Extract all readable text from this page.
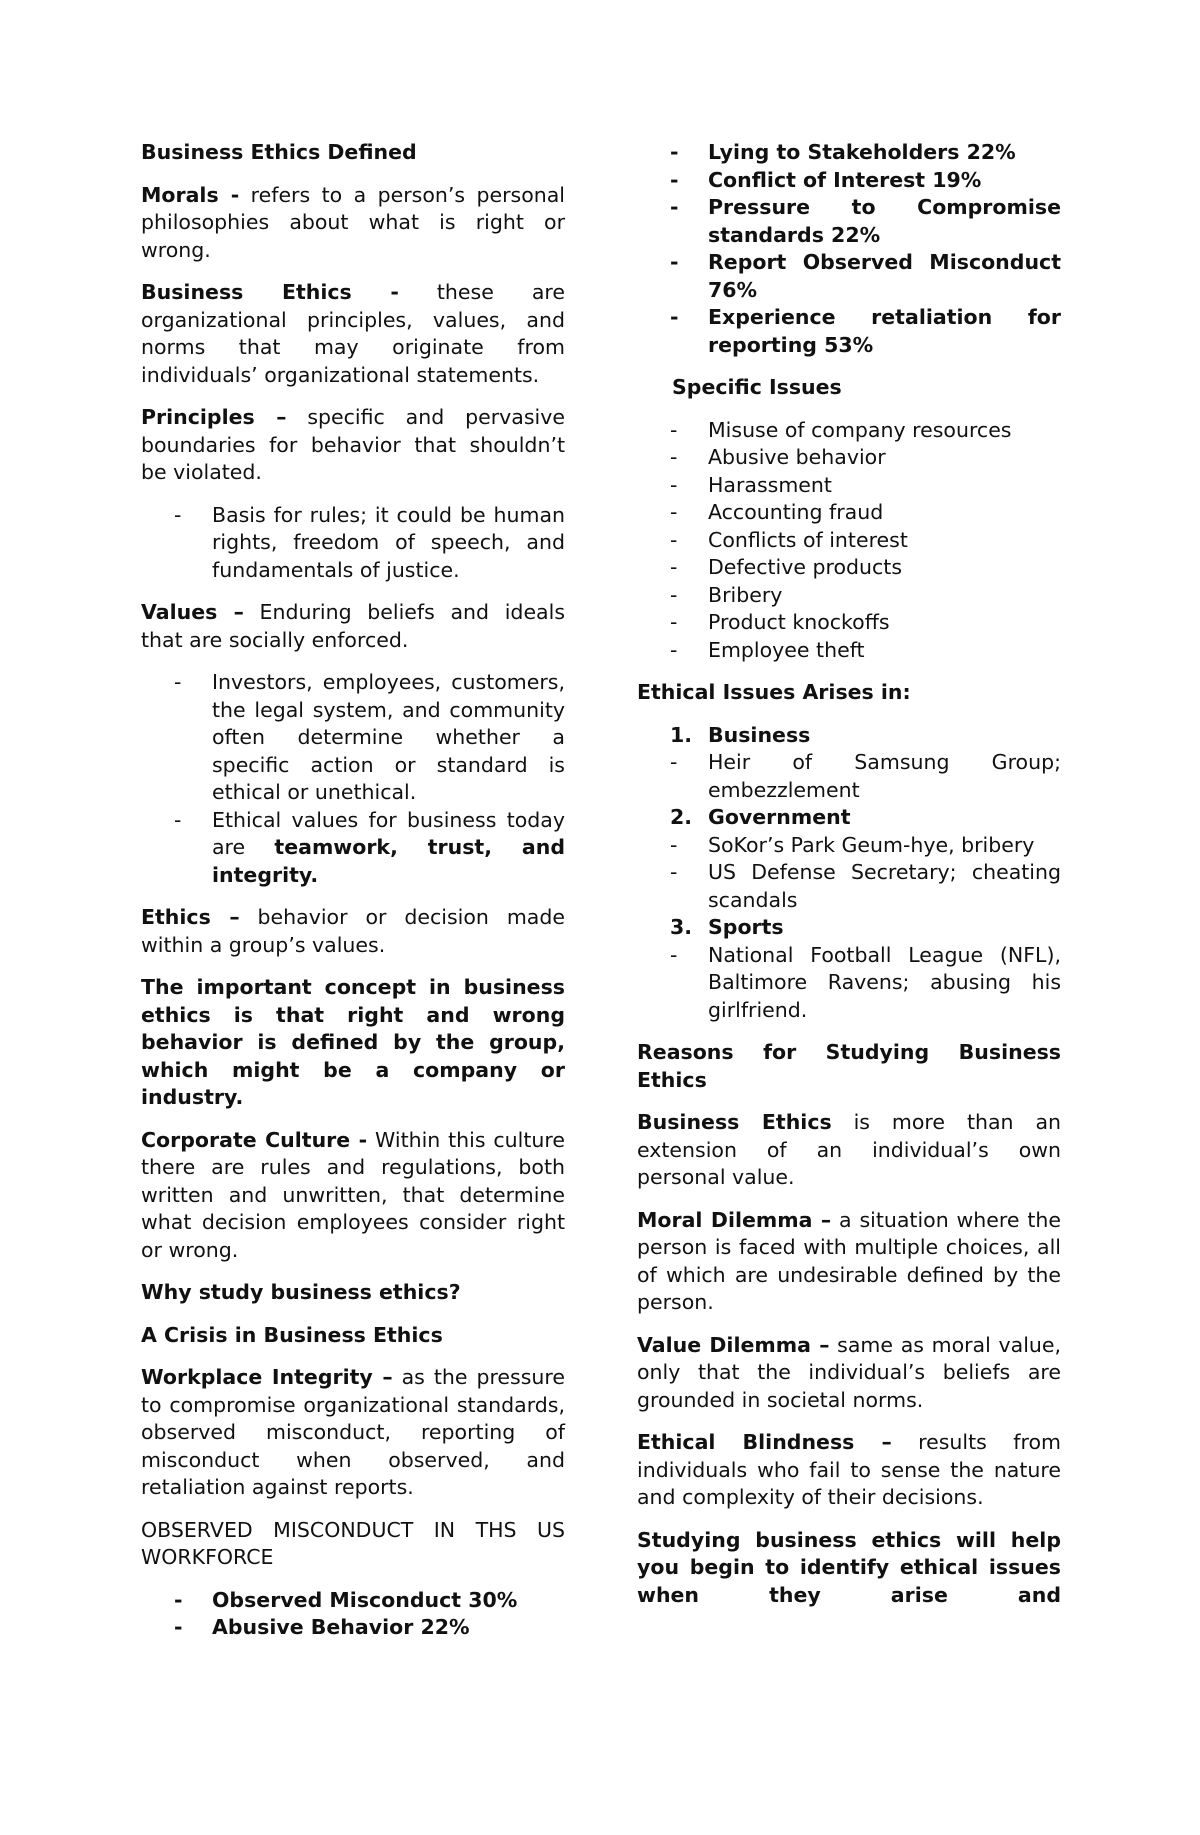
Business Ethics Defined

Morals - refers to a person’s personal philosophies about what is right or wrong.

Business Ethics - these are organizational principles, values, and norms that may originate from individuals’ organizational statements.

Principles – specific and pervasive boundaries for behavior that shouldn’t be violated.

- Basis for rules; it could be human rights, freedom of speech, and fundamentals of justice.

Values – Enduring beliefs and ideals that are socially enforced.

- Investors, employees, customers, the legal system, and community often determine whether a specific action or standard is ethical or unethical.
- Ethical values for business today are teamwork, trust, and integrity.

Ethics – behavior or decision made within a group’s values.

The important concept in business ethics is that right and wrong behavior is defined by the group, which might be a company or industry.

Corporate Culture - Within this culture there are rules and regulations, both written and unwritten, that determine what decision employees consider right or wrong.

Why study business ethics?

A Crisis in Business Ethics

Workplace Integrity – as the pressure to compromise organizational standards, observed misconduct, reporting of misconduct when observed, and retaliation against reports.

OBSERVED MISCONDUCT IN THS US WORKFORCE

- Observed Misconduct 30%
- Abusive Behavior 22%
- Lying to Stakeholders 22%
- Conflict of Interest 19%
- Pressure to Compromise standards 22%
- Report Observed Misconduct 76%
- Experience retaliation for reporting 53%

Specific Issues

- Misuse of company resources
- Abusive behavior
- Harassment
- Accounting fraud
- Conflicts of interest
- Defective products
- Bribery
- Product knockoffs
- Employee theft

Ethical Issues Arises in:

1. Business
- Heir of Samsung Group; embezzlement
2. Government
- SoKor’s Park Geum-hye, bribery
- US Defense Secretary; cheating scandals
3. Sports
- National Football League (NFL), Baltimore Ravens; abusing his girlfriend.

Reasons for Studying Business Ethics

Business Ethics is more than an extension of an individual’s own personal value.

Moral Dilemma – a situation where the person is faced with multiple choices, all of which are undesirable defined by the person.

Value Dilemma – same as moral value, only that the individual’s beliefs are grounded in societal norms.

Ethical Blindness – results from individuals who fail to sense the nature and complexity of their decisions.

Studying business ethics will help you begin to identify ethical issues when they arise and
